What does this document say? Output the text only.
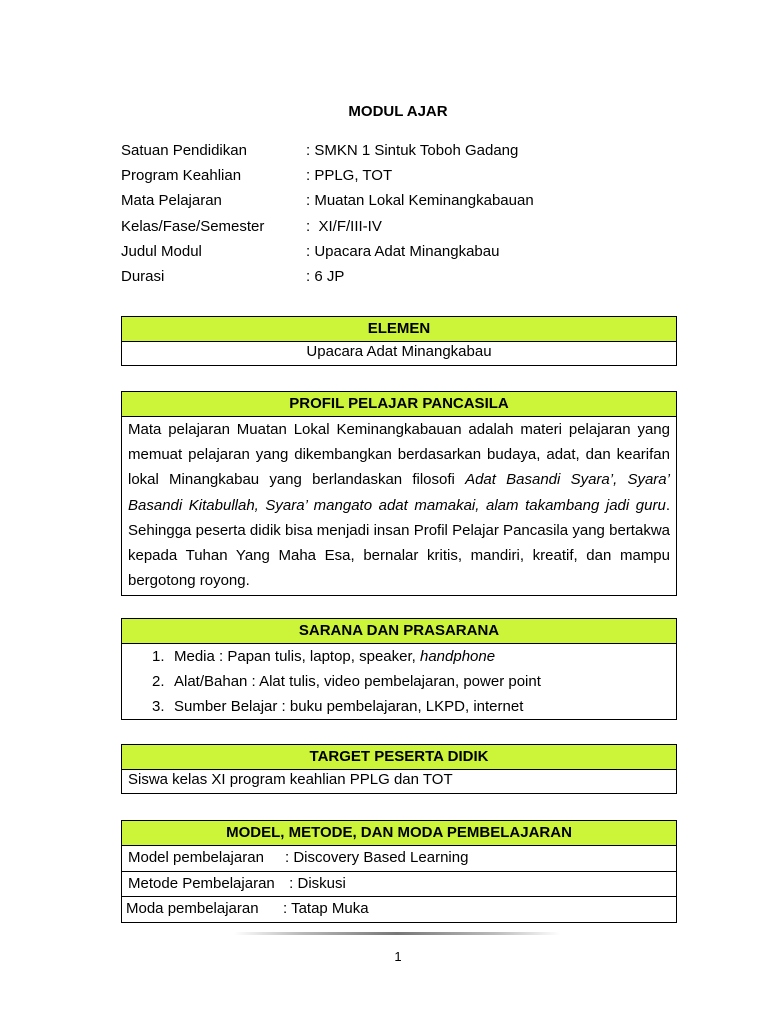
MODUL AJAR
Satuan Pendidikan	: SMKN 1 Sintuk Toboh Gadang
Program Keahlian	: PPLG, TOT
Mata Pelajaran	: Muatan Lokal Keminangkabauan
Kelas/Fase/Semester	:  XI/F/III-IV
Judul Modul	: Upacara Adat Minangkabau
Durasi	: 6 JP
ELEMEN
Upacara Adat Minangkabau
PROFIL PELAJAR PANCASILA
Mata pelajaran Muatan Lokal Keminangkabauan adalah materi pelajaran yang memuat pelajaran yang dikembangkan berdasarkan budaya, adat, dan kearifan lokal Minangkabau yang berlandaskan filosofi Adat Basandi Syara’, Syara’ Basandi Kitabullah, Syara’ mangato adat mamakai, alam takambang jadi guru. Sehingga peserta didik bisa menjadi insan Profil Pelajar Pancasila yang bertakwa kepada Tuhan Yang Maha Esa, bernalar kritis, mandiri, kreatif, dan mampu bergotong royong.
SARANA DAN PRASARANA
1. Media : Papan tulis, laptop, speaker, handphone
2. Alat/Bahan : Alat tulis, video pembelajaran, power point
3. Sumber Belajar : buku pembelajaran, LKPD, internet
TARGET PESERTA DIDIK
Siswa kelas XI program keahlian PPLG dan TOT
MODEL, METODE, DAN MODA PEMBELAJARAN
Model pembelajaran	: Discovery Based Learning
Metode Pembelajaran : Diskusi
Moda pembelajaran	: Tatap Muka
1
